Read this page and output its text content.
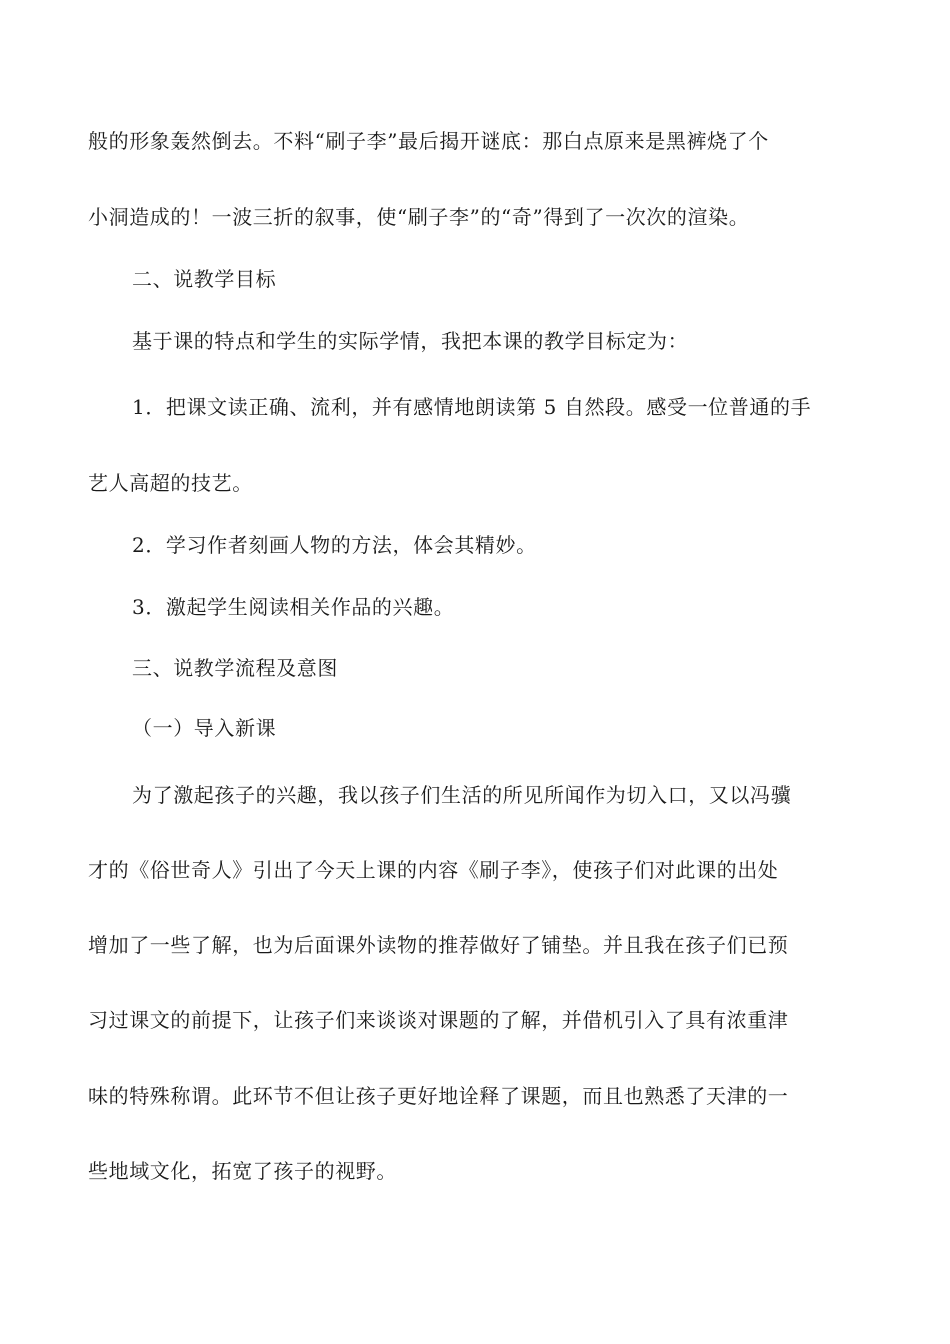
般的形象轰然倒去。不料“刷子李”最后揭开谜底：那白点原来是黑裤烧了个
小洞造成的！一波三折的叙事，使“刷子李”的“奇”得到了一次次的渲染。
二、说教学目标
基于课的特点和学生的实际学情，我把本课的教学目标定为：
1．把课文读正确、流利，并有感情地朗读第 5 自然段。感受一位普通的手
艺人高超的技艺。
2．学习作者刻画人物的方法，体会其精妙。
3．激起学生阅读相关作品的兴趣。
三、说教学流程及意图
（一）导入新课
为了激起孩子的兴趣，我以孩子们生活的所见所闻作为切入口，又以冯骥
才的《俗世奇人》引出了今天上课的内容《刷子李》，使孩子们对此课的出处
增加了一些了解，也为后面课外读物的推荐做好了铺垫。并且我在孩子们已预
习过课文的前提下，让孩子们来谈谈对课题的了解，并借机引入了具有浓重津
味的特殊称谓。此环节不但让孩子更好地诠释了课题，而且也熟悉了天津的一
些地域文化，拓宽了孩子的视野。
